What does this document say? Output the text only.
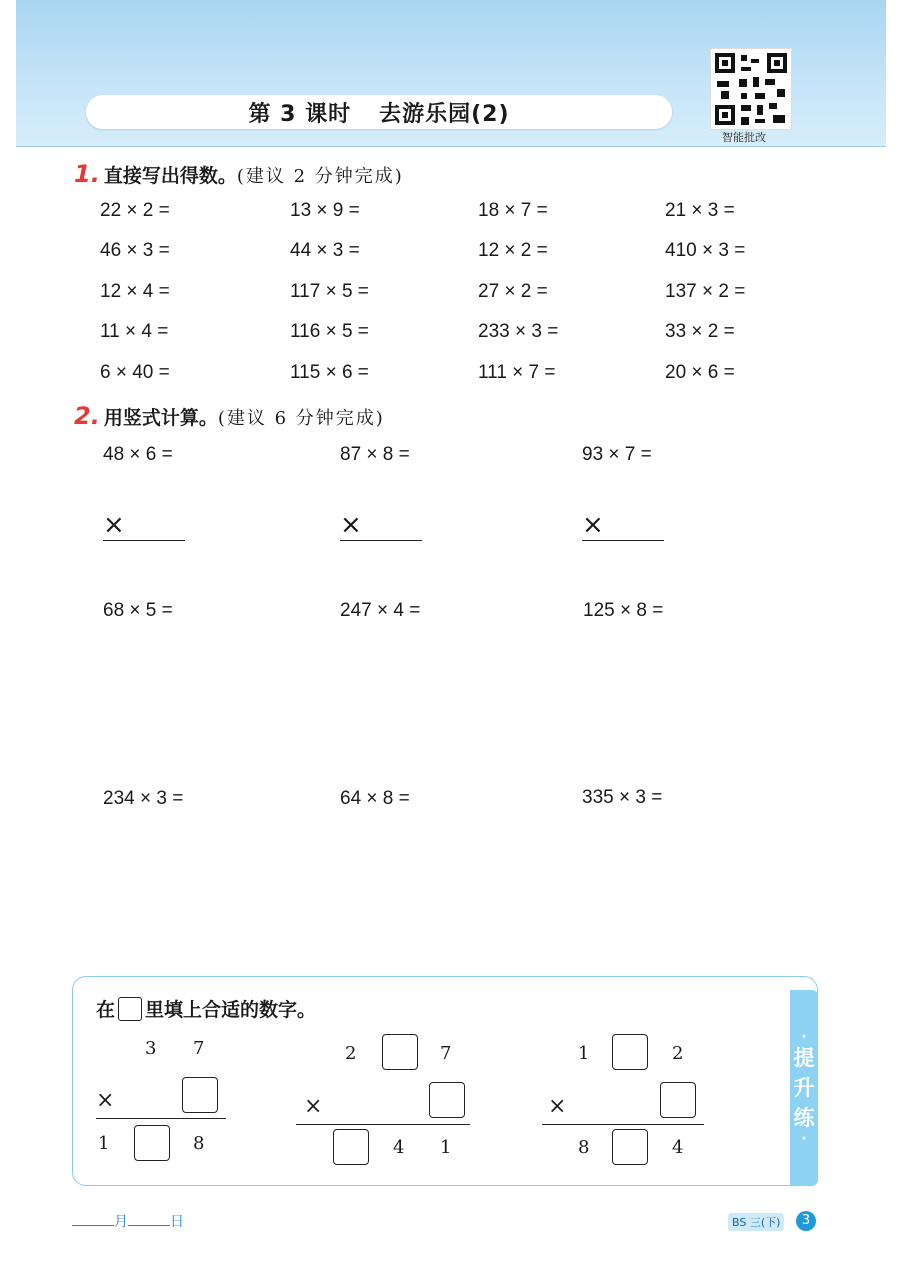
第 3 课时 去游乐园(2)
智能批改
1. 直接写出得数。(建议 2 分钟完成)
22 × 2 =	13 × 9 =	18 × 7 =	21 × 3 =
46 × 3 =	44 × 3 =	12 × 2 =	410 × 3 =
12 × 4 =	117 × 5 =	27 × 2 =	137 × 2 =
11 × 4 =	116 × 5 =	233 × 3 =	33 × 2 =
6 × 40 =	115 × 6 =	111 × 7 =	20 × 6 =
2. 用竖式计算。(建议 6 分钟完成)
48 × 6 =	87 × 8 =	93 × 7 =
×	×	×
68 × 5 =	247 × 4 =	125 × 8 =
234 × 3 =	64 × 8 =	335 × 3 =
·
提
升
练
·
在 里填上合适的数字。
3 7
×
1	8
2	7
×
4 1
1	2
×
8	4
月	日	BS 三(下)	3
